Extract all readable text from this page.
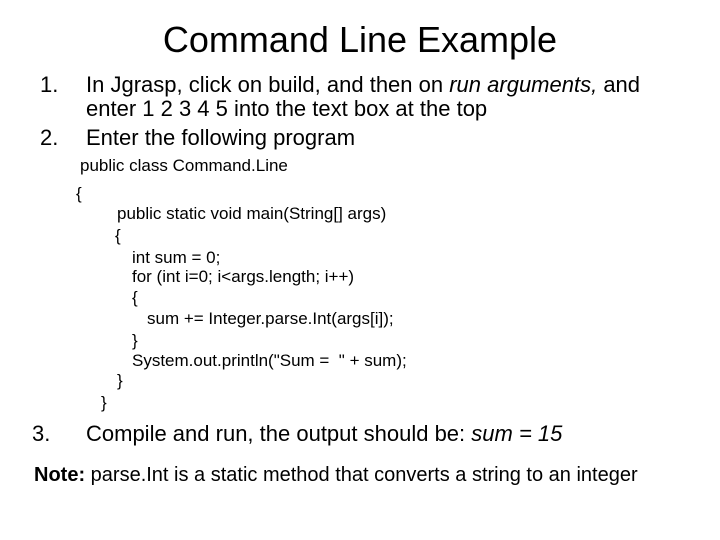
Command Line Example
1. In Jgrasp, click on build, and then on run arguments, and
enter 1 2 3 4 5 into the text box at the top
2. Enter the following program
3. Compile and run, the output should be: sum = 15
public class Command.Line
{
public static void main(String[] args)
{
int sum = 0;
for (int i=0; i<args.length; i++)
{
sum += Integer.parse.Int(args[i]);
}
System.out.println("Sum =  " + sum);
}
}
Note: parse.Int is a static method that converts a string to an integer
